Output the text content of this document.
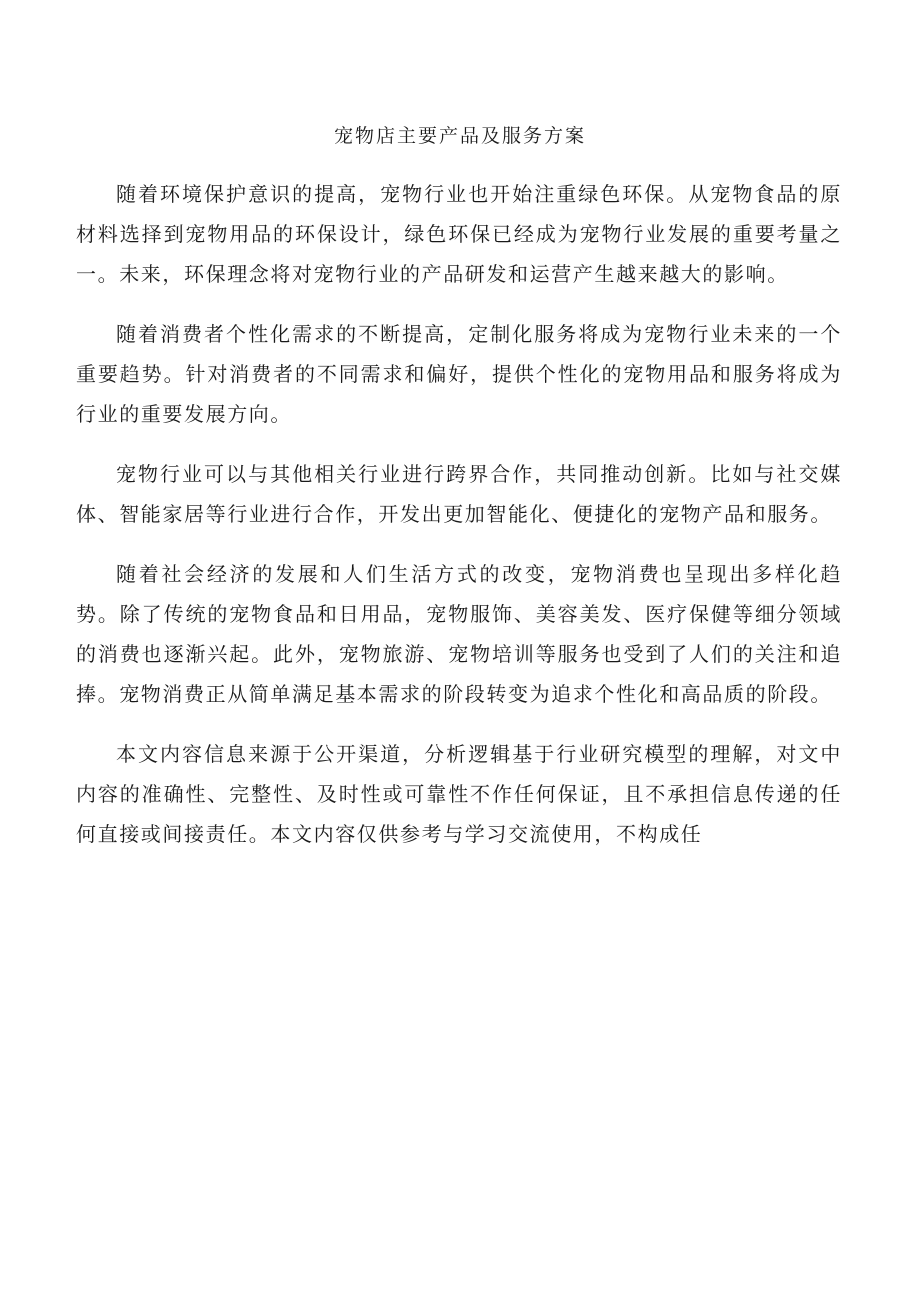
宠物店主要产品及服务方案

随着环境保护意识的提高，宠物行业也开始注重绿色环保。从宠物食品的原材料选择到宠物用品的环保设计，绿色环保已经成为宠物行业发展的重要考量之一。未来，环保理念将对宠物行业的产品研发和运营产生越来越大的影响。

随着消费者个性化需求的不断提高，定制化服务将成为宠物行业未来的一个重要趋势。针对消费者的不同需求和偏好，提供个性化的宠物用品和服务将成为行业的重要发展方向。

宠物行业可以与其他相关行业进行跨界合作，共同推动创新。比如与社交媒体、智能家居等行业进行合作，开发出更加智能化、便捷化的宠物产品和服务。

随着社会经济的发展和人们生活方式的改变，宠物消费也呈现出多样化趋势。除了传统的宠物食品和日用品，宠物服饰、美容美发、医疗保健等细分领域的消费也逐渐兴起。此外，宠物旅游、宠物培训等服务也受到了人们的关注和追捧。宠物消费正从简单满足基本需求的阶段转变为追求个性化和高品质的阶段。

本文内容信息来源于公开渠道，分析逻辑基于行业研究模型的理解，对文中内容的准确性、完整性、及时性或可靠性不作任何保证，且不承担信息传递的任何直接或间接责任。本文内容仅供参考与学习交流使用，不构成任
